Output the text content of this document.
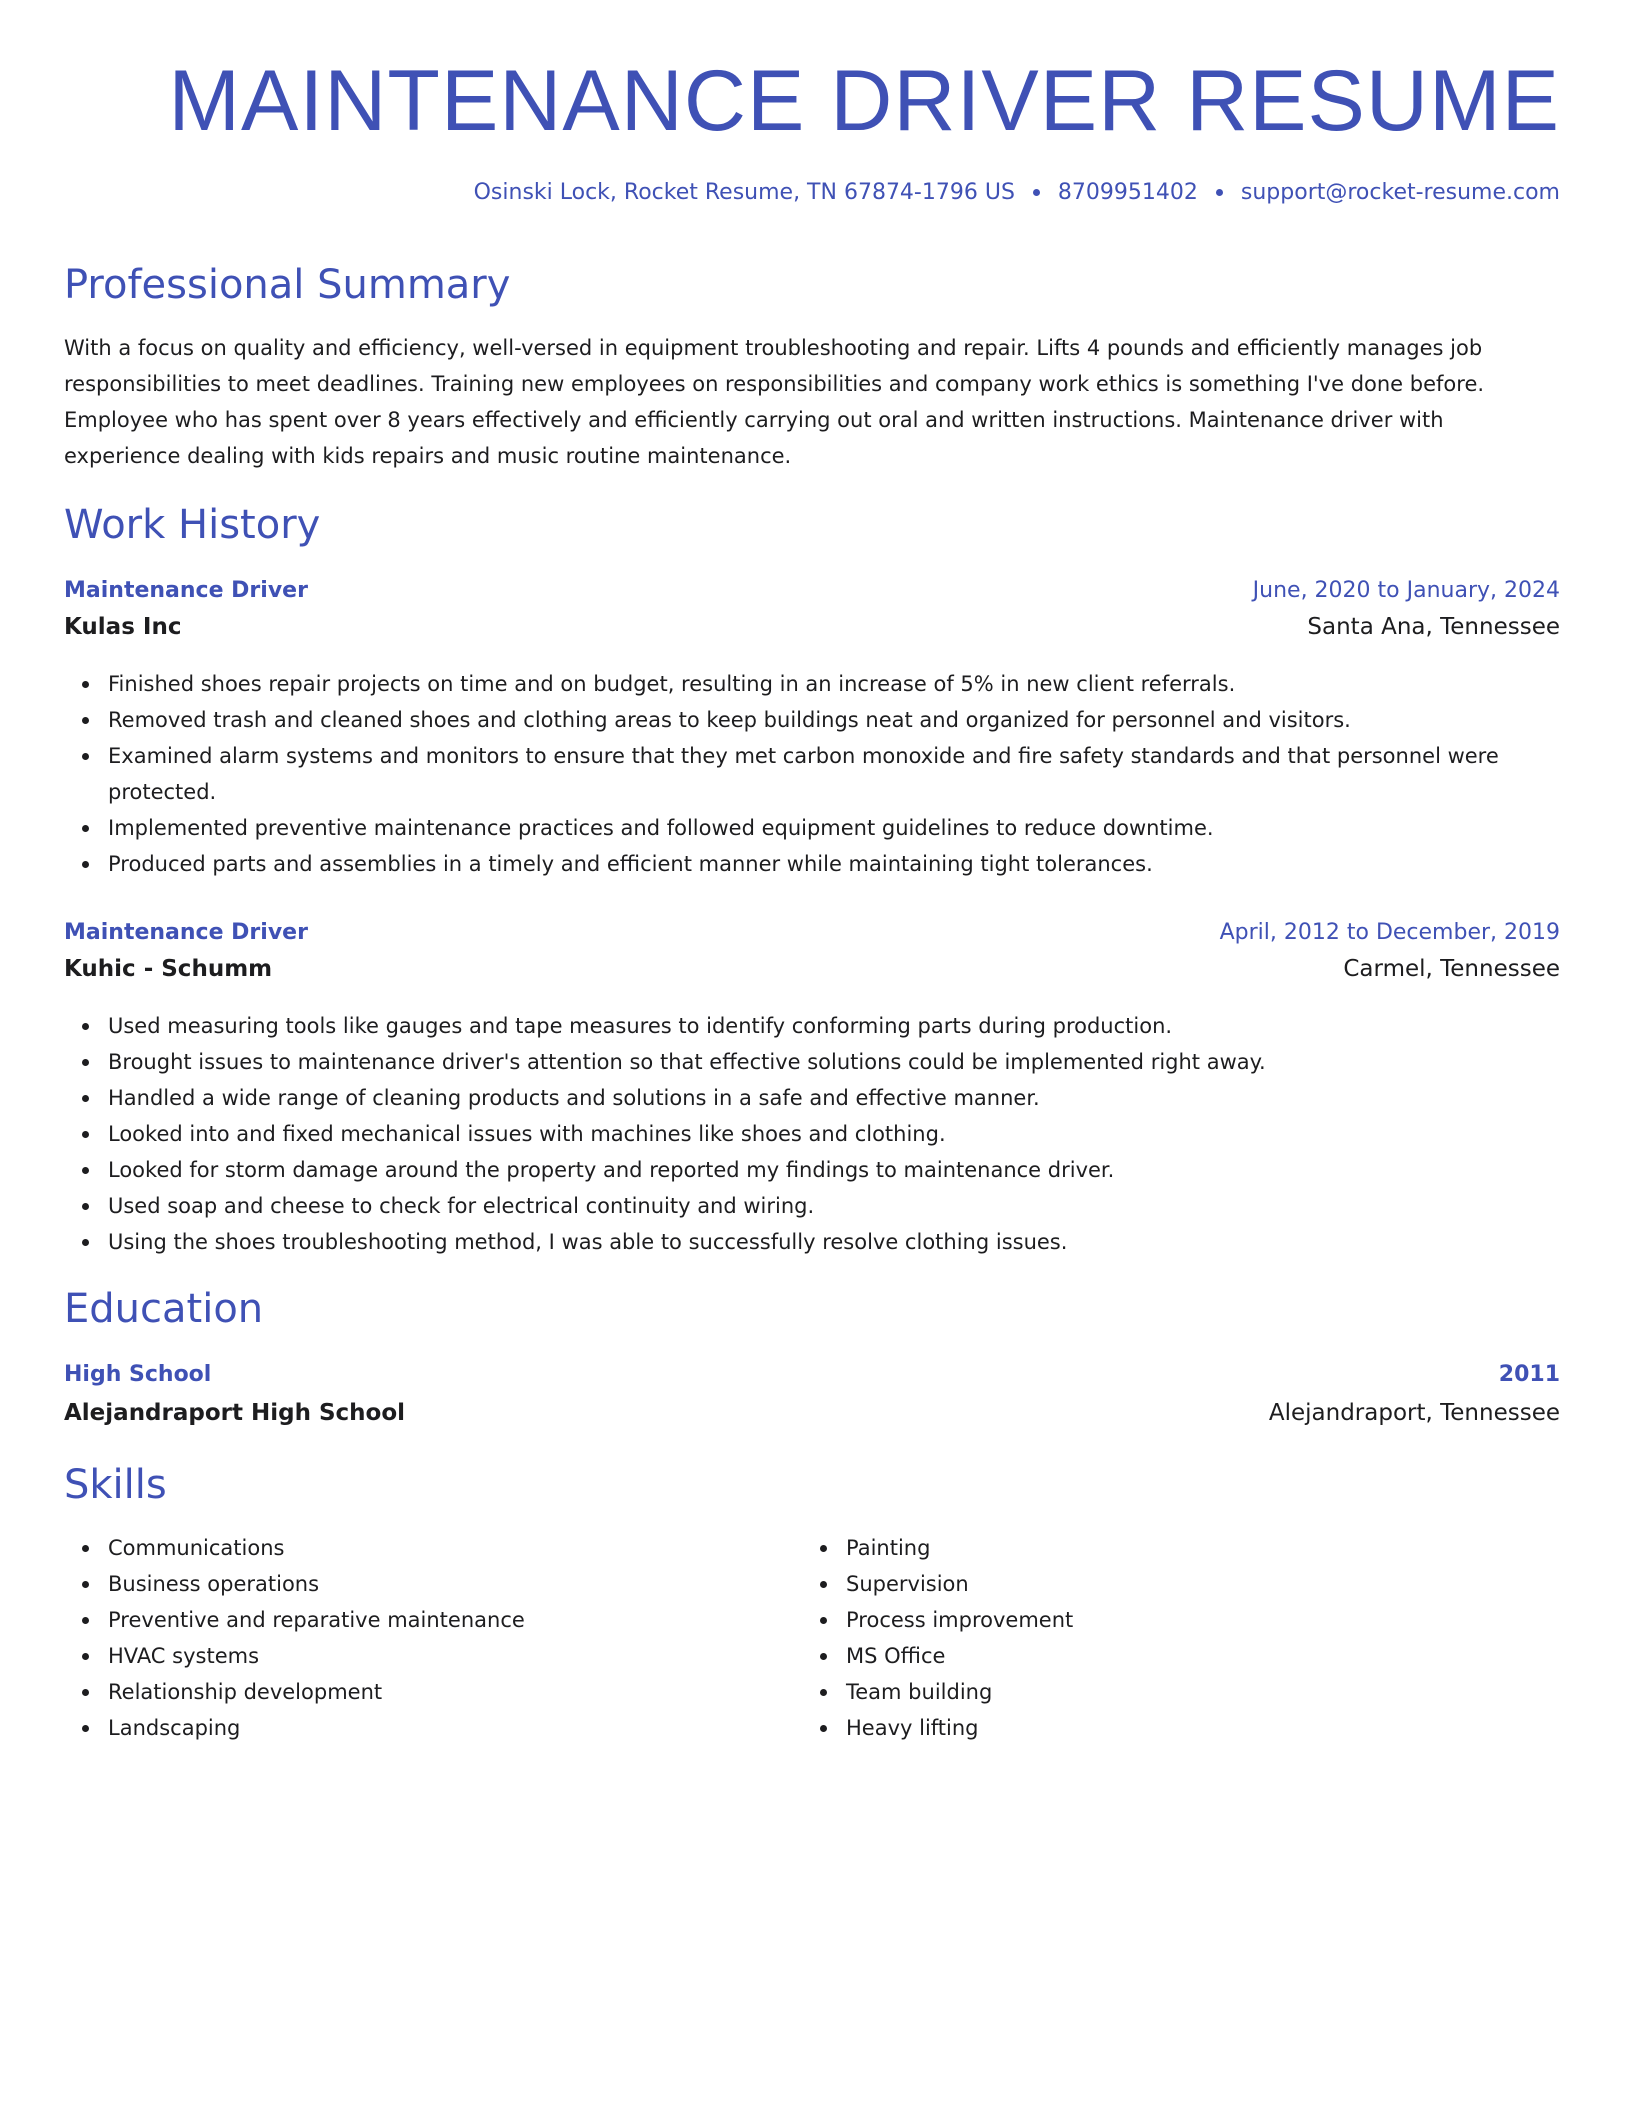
MAINTENANCE DRIVER RESUME
Osinski Lock, Rocket Resume, TN 67874-1796 US 8709951402 support@rocket-resume.com
Professional Summary

With a focus on quality and efficiency, well-versed in equipment troubleshooting and repair. Lifts 4 pounds and efficiently manages job responsibilities to meet deadlines. Training new employees on responsibilities and company work ethics is something I've done before. Employee who has spent over 8 years effectively and efficiently carrying out oral and written instructions. Maintenance driver with experience dealing with kids repairs and music routine maintenance.

Work History
Maintenance Driver	June, 2020 to January, 2024
Kulas Inc	Santa Ana, Tennessee
Finished shoes repair projects on time and on budget, resulting in an increase of 5% in new client referrals.
Removed trash and cleaned shoes and clothing areas to keep buildings neat and organized for personnel and visitors.
Examined alarm systems and monitors to ensure that they met carbon monoxide and fire safety standards and that personnel were protected.
Implemented preventive maintenance practices and followed equipment guidelines to reduce downtime.
Produced parts and assemblies in a timely and efficient manner while maintaining tight tolerances.
Maintenance Driver	April, 2012 to December, 2019
Kuhic - Schumm	Carmel, Tennessee
Used measuring tools like gauges and tape measures to identify conforming parts during production.
Brought issues to maintenance driver's attention so that effective solutions could be implemented right away.
Handled a wide range of cleaning products and solutions in a safe and effective manner.
Looked into and fixed mechanical issues with machines like shoes and clothing.
Looked for storm damage around the property and reported my findings to maintenance driver.
Used soap and cheese to check for electrical continuity and wiring.
Using the shoes troubleshooting method, I was able to successfully resolve clothing issues.
Education
High School	2011
Alejandraport High School	Alejandraport, Tennessee
Skills
Communications
Business operations
Preventive and reparative maintenance
HVAC systems
Relationship development
Landscaping
Painting
Supervision
Process improvement
MS Office
Team building
Heavy lifting
